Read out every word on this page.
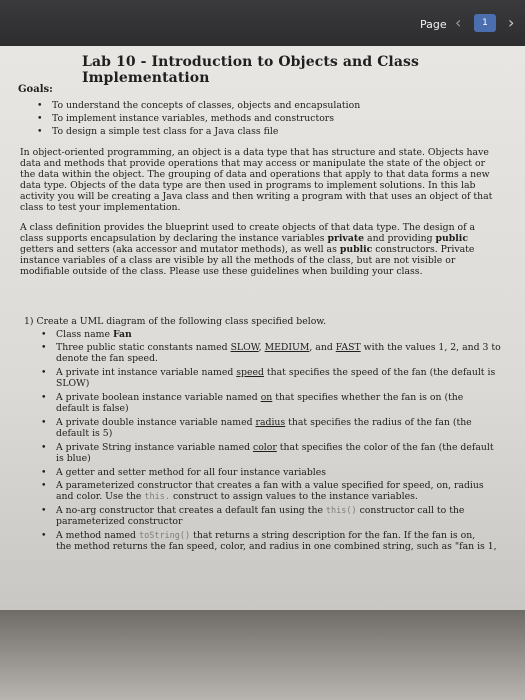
Page ‹	1	›
Lab 10 - Introduction to Objects and Class Implementation
Goals:
• To understand the concepts of classes, objects and encapsulation
• To implement instance variables, methods and constructors
• To design a simple test class for a Java class file
In object-oriented programming, an object is a data type that has structure and state. Objects have
data and methods that provide operations that may access or manipulate the state of the object or
the data within the object. The grouping of data and operations that apply to that data forms a new
data type. Objects of the data type are then used in programs to implement solutions. In this lab
activity you will be creating a Java class and then writing a program with that uses an object of that
class to test your implementation.
A class definition provides the blueprint used to create objects of that data type. The design of a
class supports encapsulation by declaring the instance variables private and providing public
getters and setters (aka accessor and mutator methods), as well as public constructors. Private
instance variables of a class are visible by all the methods of the class, but are not visible or
modifiable outside of the class. Please use these guidelines when building your class.
1) Create a UML diagram of the following class specified below.
• Class name Fan
• Three public static constants named SLOW, MEDIUM, and FAST with the values 1, 2, and 3 to
denote the fan speed.
• A private int instance variable named speed that specifies the speed of the fan (the default is
SLOW)
• A private boolean instance variable named on that specifies whether the fan is on (the
default is false)
• A private double instance variable named radius that specifies the radius of the fan (the
default is 5)
• A private String instance variable named color that specifies the color of the fan (the default
is blue)
• A getter and setter method for all four instance variables
• A parameterized constructor that creates a fan with a value specified for speed, on, radius
and color. Use the this. construct to assign values to the instance variables.
• A no-arg constructor that creates a default fan using the this() constructor call to the
parameterized constructor
• A method named toString() that returns a string description for the fan. If the fan is on,
the method returns the fan speed, color, and radius in one combined string, such as "fan is 1,
hp
